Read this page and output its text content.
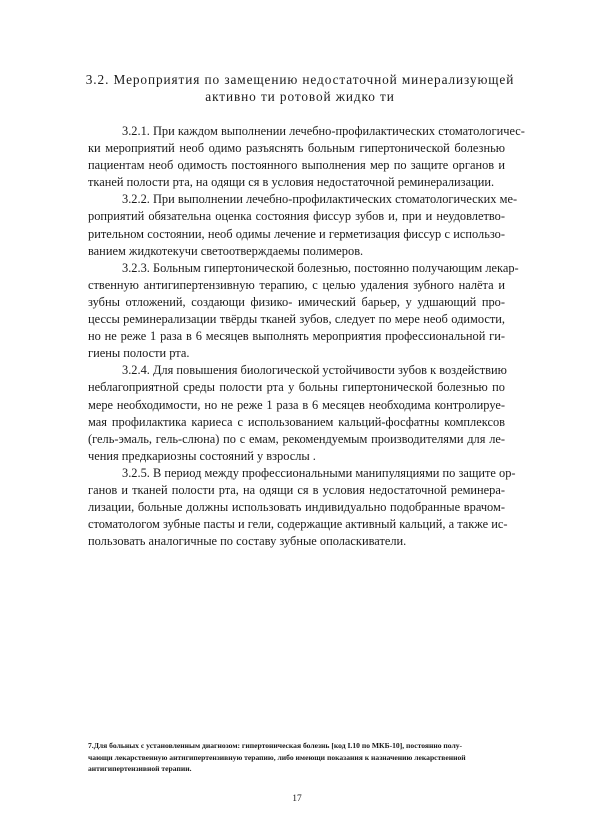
3.2. Мероприятия по замещению недостаточной минерализующей
активно ти ротовой жидко ти

3.2.1. При каждом выполнении лечебно-профилактических стоматологичес-
ки мероприятий необ одимо разъяснять больным гипертонической болезнью
пациентам необ одимость постоянного выполнения мер по защите органов и
тканей полости рта, на одящи ся в условия недостаточной реминерализации.

3.2.2. При выполнении лечебно-профилактических стоматологических ме-
роприятий обязательна оценка состояния фиссур зубов и, при и неудовлетво-
рительном состоянии, необ одимы лечение и герметизация фиссур с использо-
ванием жидкотекучи светоотверждаемы полимеров.

3.2.3. Больным гипертонической болезнью, постоянно получающим лекар-
ственную антигипертензивную терапию, с целью удаления зубного налёта и
зубны отложений, создающи физико- имический барьер, у удшающий про-
цессы реминерализации твёрды тканей зубов, следует по мере необ одимости,
но не реже 1 раза в 6 месяцев выполнять мероприятия профессиональной ги-
гиены полости рта.

3.2.4. Для повышения биологической устойчивости зубов к воздействию
неблагоприятной среды полости рта у больны гипертонической болезнью по
мере необходимости, но не реже 1 раза в 6 месяцев необходима контролируе-
мая профилактика кариеса с использованием кальций-фосфатны комплексов
(гель-эмаль, гель-слюна) по с емам, рекомендуемым производителями для ле-
чения предкариозны состояний у взрослы .

3.2.5. В период между профессиональными манипуляциями по защите ор-
ганов и тканей полости рта, на одящи ся в условия недостаточной реминера-
лизации, больные должны использовать индивидуально подобранные врачом-
стоматологом зубные пасты и гели, содержащие активный кальций, а также ис-
пользовать аналогичные по составу зубные ополаскиватели.

7.Для больных с установленным диагнозом: гипертоническая болезнь [код I.10 по МКБ-10], постоянно полу-
чающи лекарственную антигипертензивную терапию, либо имеющи показания к назначению лекарственной
антигипертензивной терапии.
17
